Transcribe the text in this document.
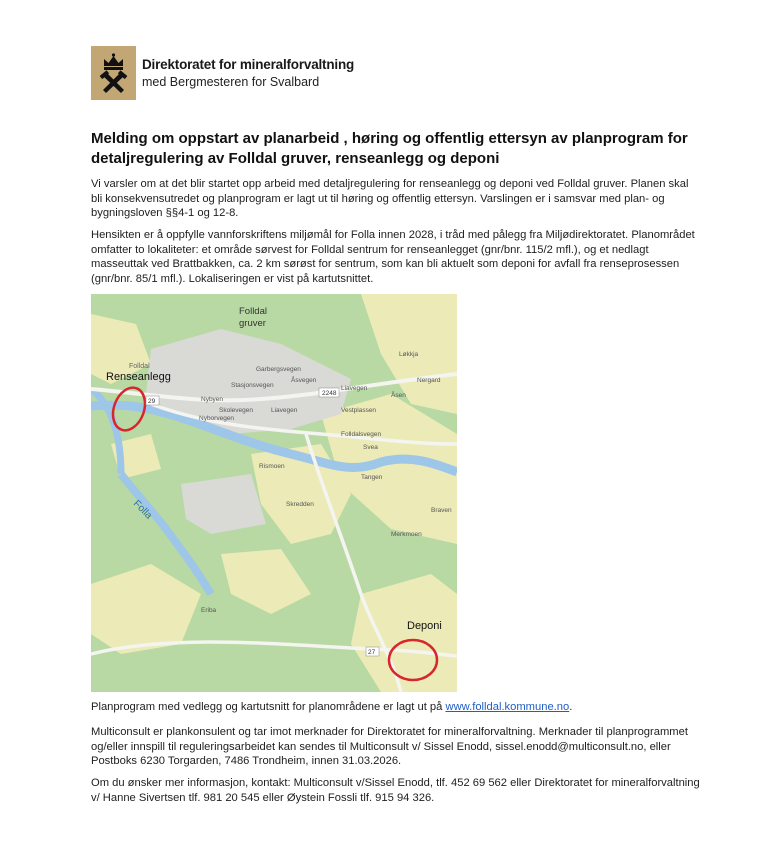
Direktoratet for mineralforvaltning
med Bergmesteren for Svalbard
Melding om oppstart av planarbeid , høring og offentlig ettersyn av planprogram for detaljregulering av Folldal gruver, renseanlegg og deponi

Vi varsler om at det blir startet opp arbeid med detaljregulering for renseanlegg og deponi ved Folldal gruver. Planen skal bli konsekvensutredet og planprogram er lagt ut til høring og offentlig ettersyn. Varslingen er i samsvar med plan- og bygningsloven §§4-1 og 12-8.

Hensikten er å oppfylle vannforskriftens miljømål for Folla innen 2028, i tråd med pålegg fra Miljødirektoratet. Planområdet omfatter to lokaliteter: et område sørvest for Folldal sentrum for renseanlegget (gnr/bnr. 115/2 mfl.), og et nedlagt masseuttak ved Brattbakken, ca. 2 km sørøst for sentrum, som kan bli aktuelt som deponi for avfall fra renseprosessen (gnr/bnr. 85/1 mfl.). Lokaliseringen er vist på kartutsnittet.

Folldal
gruver
Folldal
Renseanlegg
Deponi
Folla
Garbergsvegen
Stasjonsvegen
Åsvegen
Nybyen
Skolevegen
Nyborvegen
Liavegen
Liavegen
Vestplassen
Folldalsvegen
Nergard
Åsen
Løkkja
Rismoen
Tangen
Svea
Skredden
Braven
Merkmoen
Eriba
2248
29
27

Planprogram med vedlegg og kartutsnitt for planområdene er lagt ut på www.folldal.kommune.no.

Multiconsult er plankonsulent og tar imot merknader for Direktoratet for mineralforvaltning. Merknader til planprogrammet og/eller innspill til reguleringsarbeidet kan sendes til Multiconsult v/ Sissel Enodd, sissel.enodd@multiconsult.no, eller Postboks 6230 Torgarden, 7486 Trondheim, innen 31.03.2026.

Om du ønsker mer informasjon, kontakt: Multiconsult v/Sissel Enodd, tlf. 452 69 562 eller Direktoratet for mineralforvaltning v/ Hanne Sivertsen tlf. 981 20 545 eller Øystein Fossli tlf. 915 94 326.
